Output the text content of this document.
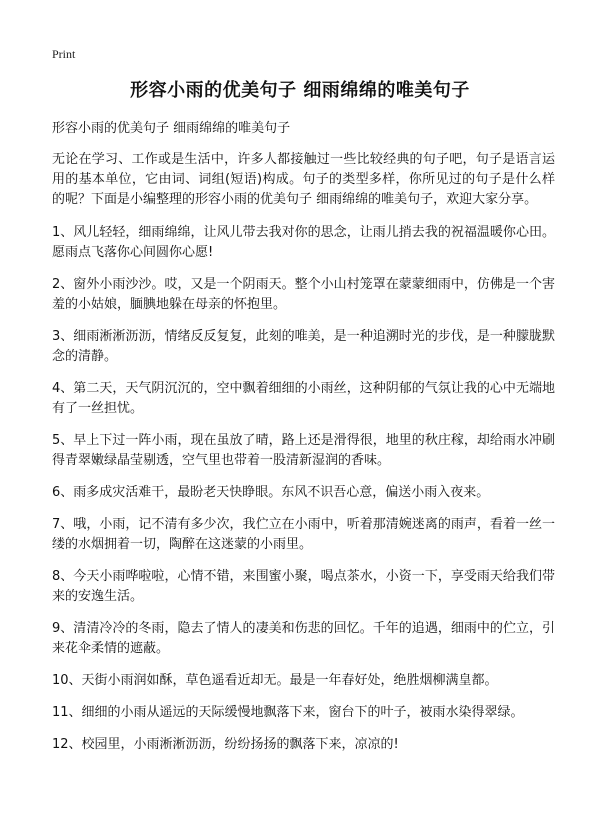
Print
形容小雨的优美句子 细雨绵绵的唯美句子
形容小雨的优美句子 细雨绵绵的唯美句子

无论在学习、工作或是生活中，许多人都接触过一些比较经典的句子吧，句子是语言运用的基本单位，它由词、词组(短语)构成。句子的类型多样，你所见过的句子是什么样的呢？下面是小编整理的形容小雨的优美句子 细雨绵绵的唯美句子，欢迎大家分享。

1、风儿轻轻，细雨绵绵，让风儿带去我对你的思念，让雨儿捎去我的祝福温暖你心田。愿雨点飞落你心间圆你心愿!

2、窗外小雨沙沙。哎，又是一个阴雨天。整个小山村笼罩在蒙蒙细雨中，仿佛是一个害羞的小姑娘，腼腆地躲在母亲的怀抱里。

3、细雨淅淅沥沥，情绪反反复复，此刻的唯美，是一种追溯时光的步伐，是一种朦胧默念的清静。

4、第二天，天气阴沉沉的，空中飘着细细的小雨丝，这种阴郁的气氛让我的心中无端地有了一丝担忧。

5、早上下过一阵小雨，现在虽放了晴，路上还是滑得很，地里的秋庄稼，却给雨水冲刷得青翠嫩绿晶莹剔透，空气里也带着一股清新湿润的香味。

6、雨多成灾活难干，最盼老天快睁眼。东风不识吾心意，偏送小雨入夜来。

7、哦，小雨，记不清有多少次，我伫立在小雨中，听着那清婉迷离的雨声，看着一丝一缕的水烟拥着一切，陶醉在这迷蒙的小雨里。

8、今天小雨哗啦啦，心情不错，来围蜜小聚，喝点茶水，小资一下，享受雨天给我们带来的安逸生活。

9、清清冷冷的冬雨，隐去了情人的凄美和伤悲的回忆。千年的追遇，细雨中的伫立，引来花伞柔情的遮蔽。

10、天街小雨润如酥，草色遥看近却无。最是一年春好处，绝胜烟柳满皇都。

11、细细的小雨从遥远的天际缓慢地飘落下来，窗台下的叶子，被雨水染得翠绿。

12、校园里，小雨淅淅沥沥，纷纷扬扬的飘落下来，凉凉的!
